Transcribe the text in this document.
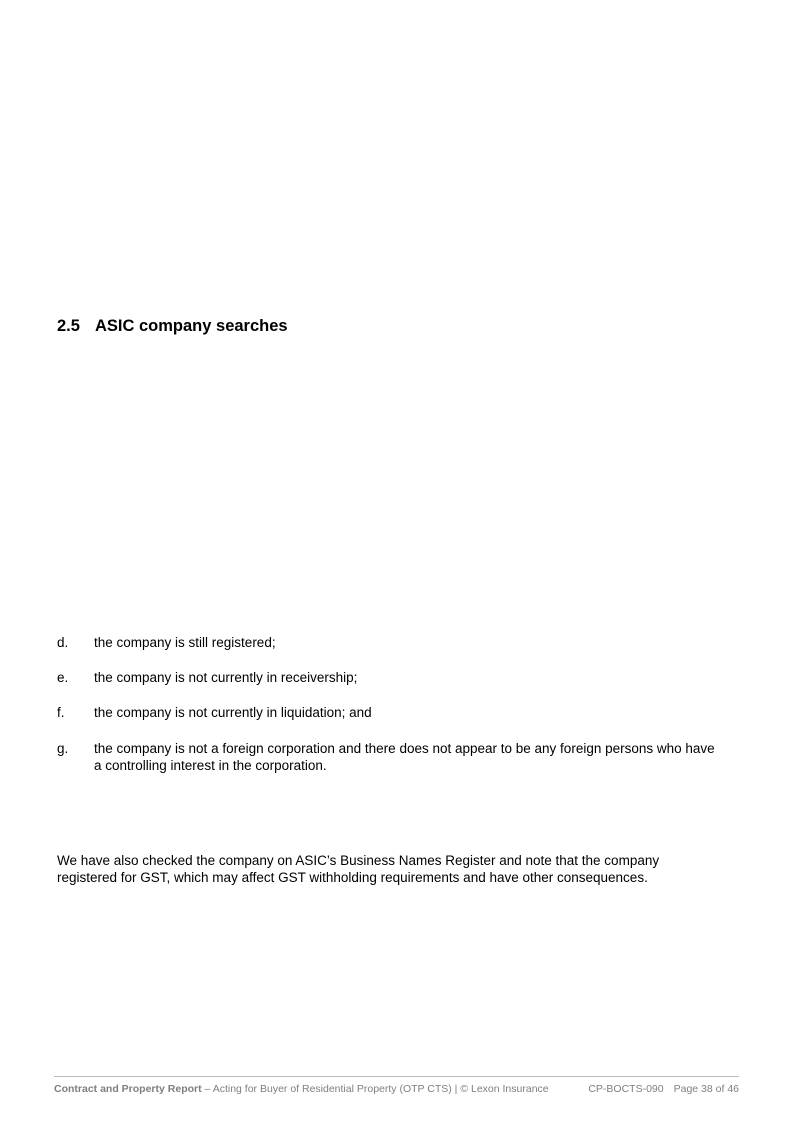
2.5 ASIC company searches
d. the company is still registered;
e. the company is not currently in receivership;
f. the company is not currently in liquidation; and
g. the company is not a foreign corporation and there does not appear to be any foreign persons who have a controlling interest in the corporation.

We have also checked the company on ASIC’s Business Names Register and note that the company registered for GST, which may affect GST withholding requirements and have other consequences.

Contract and Property Report – Acting for Buyer of Residential Property (OTP CTS) | © Lexon Insurance	CP-BOCTS-090 Page 38 of 46
